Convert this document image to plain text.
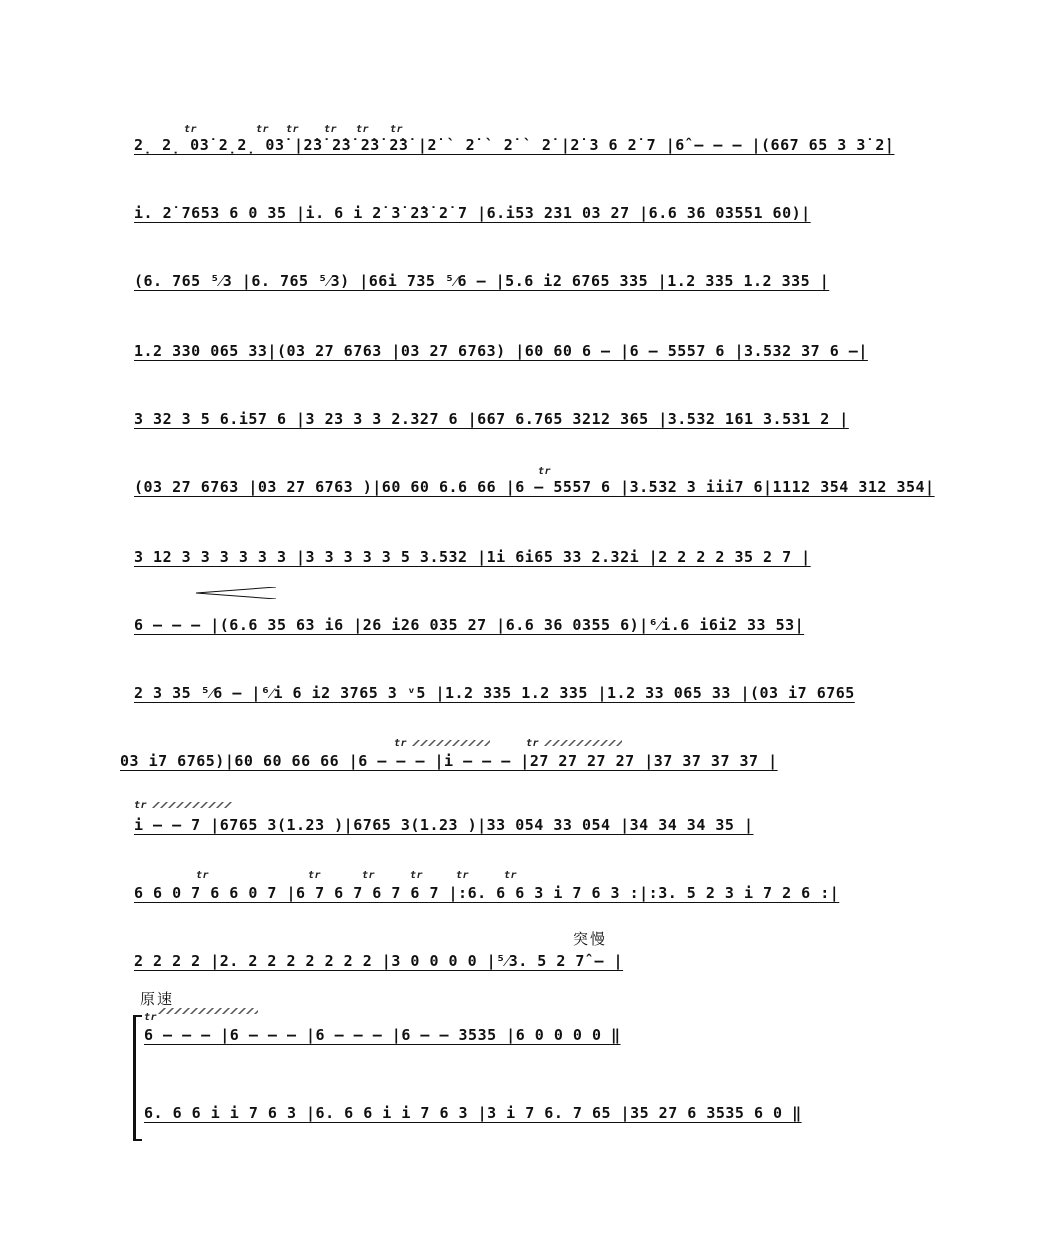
tr	tr tr tr tr tr
2̣ 2̣ 03̇ 2̣2̣ 03̇ |2̇3̇ 2̇3̇ 2̇3̇ 2̇3̇ |2̇ ` 2̇ ` 2̇ ` 2̇ |2̇ 3 6 2̇ 7 |6̂ – – – |(667 65 3 3̇ 2̇|
i. 2̇ 7653 6 0 35 |i. 6 i 2̇ 3̇ 2̇3̇ 2̇ 7 |6.i53 231 03 27 |6.6 36 03551 60)|
(6. 765 ⁵⁄3 |6. 765 ⁵⁄3) |66i 735 ⁵⁄6 – |5.6 i2 6765 335 |1.2 335 1.2 335 |
1.2 330 065 33|(03 27 6763 |03 27 6763) |60 60 6 – |6 – 5557 6 |3.532 37 6 –|
3 32 3 5 6.i57 6 |3 23 3 3 2.327 6 |667 6.765 3212 365 |3.532 161 3.531 2 |
tr
(03 27 6763 |03 27 6763 )|60 60 6.6 66 |6 – 5557 6 |3.532 3 iii7 6|1112 354 312 354|
3 12 3 3 3 3 3 3 |3 3 3 3 3 5 3.532 |1i 6i65 33 2.32i |2 2 2 2 35 2 7 |
6 – – – |(6.6 35 63 i6 |26 i26 035 27 |6.6 36 0355 6)|⁶⁄i.6 i6i2 33 53|
2 3 35 ⁵⁄6 – |⁶⁄i 6 i2 3765 3 ᵛ5 |1.2 335 1.2 335 |1.2 33 065 33 |(03 i7 6765
tr	tr
03 i7 6765)|60 60 66 66 |6 – – – |i – – – |27 27 27 27 |37 37 37 37 |
tr
i – – 7 |6765 3(1.23 )|6765 3(1.23 )|33 054 33 054 |34 34 34 35 |
tr	tr	tr	tr	tr	tr
6 6 0 7 6 6 0 7 |6 7 6 7 6 7 6 7 |:6. 6 6 3 i 7 6 3 :|:3. 5 2 3 i 7 2 6 :|
突慢
2 2 2 2 |2. 2 2 2 2 2 2 2 |3 0 0 0 0 |⁵⁄3. 5 2 7̂ – |
原速
tr
6 – – – |6 – – – |6 – – – |6 – – 3535 |6 0 0 0 0 ‖
6. 6 6 i i 7 6 3 |6. 6 6 i i 7 6 3 |3 i 7 6. 7 65 |35 27 6 3535 6 0 ‖
